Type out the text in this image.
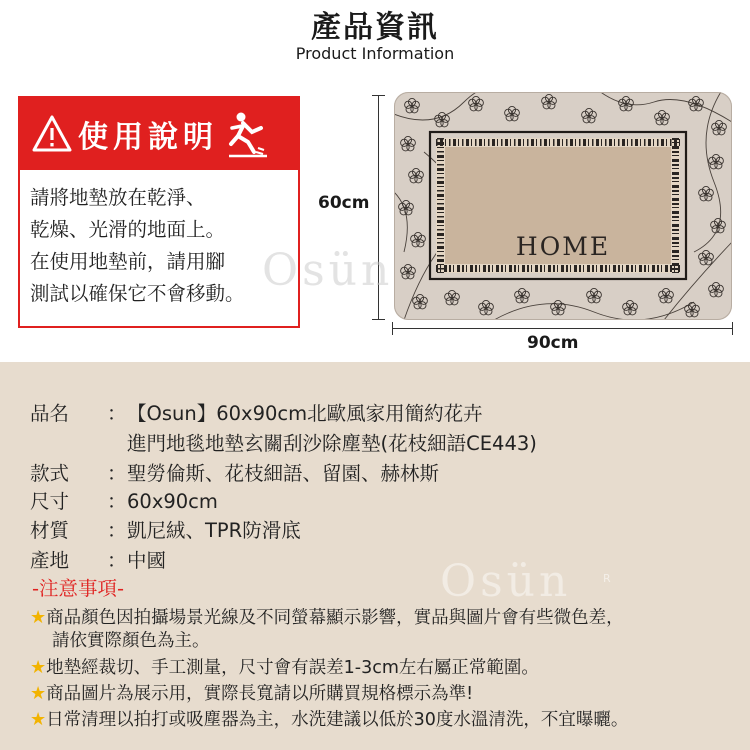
產品資訊
Product Information
使用說明
請將地墊放在乾淨、
乾燥、光滑的地面上。
在使用地墊前，請用腳
測試以確保它不會移動。
60cm
90cm
HOME
Osün
品名 ：【Osun】60x90cm北歐風家用簡約花卉
進門地毯地墊玄關刮沙除塵墊(花枝細語CE443)
款式 ：聖勞倫斯、花枝細語、留園、赫林斯
尺寸 ：60x90cm
材質 ：凱尼絨、TPR防滑底
產地 ：中國	Osün	R
-注意事項-
★商品顏色因拍攝場景光線及不同螢幕顯示影響，實品與圖片會有些微色差，
請依實際顏色為主。
★地墊經裁切、手工測量，尺寸會有誤差1-3cm左右屬正常範圍。
★商品圖片為展示用，實際長寬請以所購買規格標示為準!
★日常清理以拍打或吸塵器為主，水洗建議以低於30度水溫清洗，不宜曝曬。
